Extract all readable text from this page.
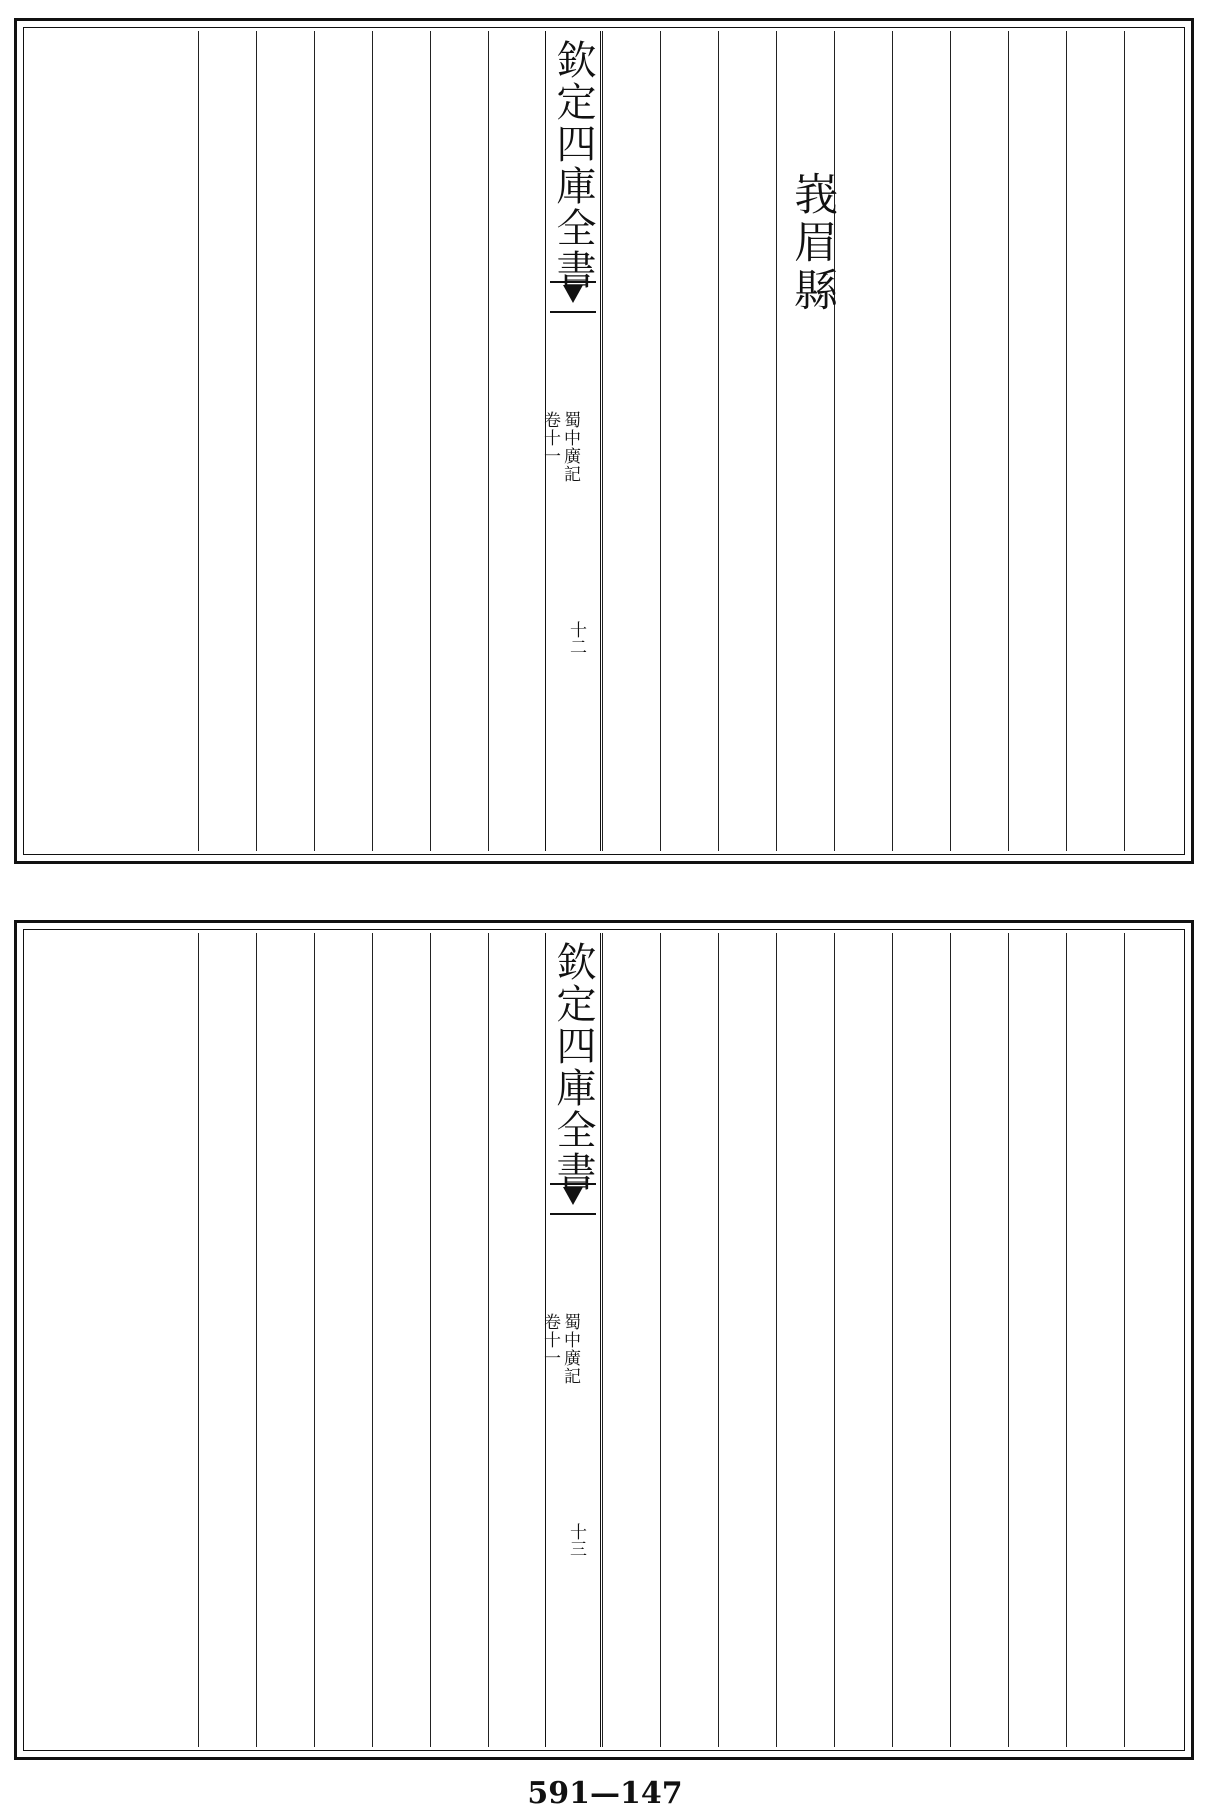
峩眉縣
欽定四庫全書
蜀中廣記
卷十一
十二
欽定四庫全書
蜀中廣記
卷十一
十三
591—147
